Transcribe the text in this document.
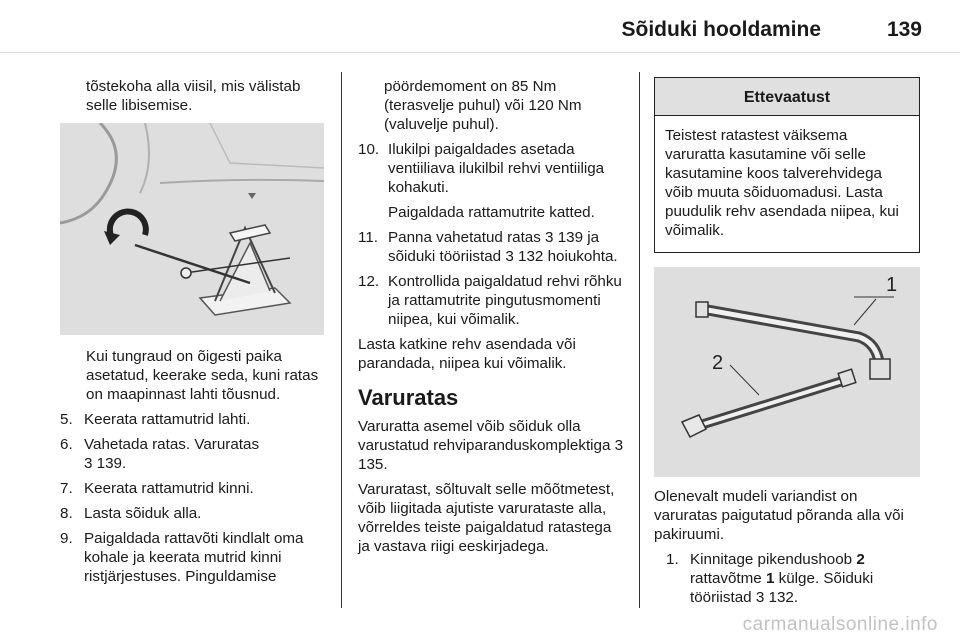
Sõiduki hooldamine	139

tõstekoha alla viisil, mis välistab selle libisemise.

Kui tungraud on õigesti paika asetatud, keerake seda, kuni ratas on maapinnast lahti tõusnud.

5. Keerata rattamutrid lahti.
6. Vahetada ratas. Varuratas
3 139.
7. Keerata rattamutrid kinni.
8. Lasta sõiduk alla.
9. Paigaldada rattavõti kindlalt oma kohale ja keerata mutrid kinni ristjärjestuses. Pinguldamise

pöördemoment on 85 Nm (terasvelje puhul) või 120 Nm (valuvelje puhul).

10. Ilukilpi paigaldades asetada ventiiliava ilukilbil rehvi ventiiliga kohakuti.

Paigaldada rattamutrite katted.

11. Panna vahetatud ratas 3 139 ja sõiduki tööriistad 3 132 hoiukohta.
12. Kontrollida paigaldatud rehvi rõhku ja rattamutrite pingutusmomenti niipea, kui võimalik.

Lasta katkine rehv asendada või parandada, niipea kui võimalik.

Varuratas

Varuratta asemel võib sõiduk olla varustatud rehviparanduskomplektiga 3 135.

Varuratast, sõltuvalt selle mõõtmetest, võib liigitada ajutiste varurataste alla, võrreldes teiste paigaldatud ratastega ja vastava riigi eeskirjadega.

Ettevaatust
Teistest ratastest väiksema varuratta kasutamine või selle kasutamine koos talverehvidega võib muuta sõiduomadusi. Lasta puudulik rehv asendada niipea, kui võimalik.
1
2

Olenevalt mudeli variandist on varuratas paigutatud põranda alla või pakiruumi.

1. Kinnitage pikendushoob 2 rattavõtme 1 külge. Sõiduki tööriistad 3 132.
carmanualsonline.info
